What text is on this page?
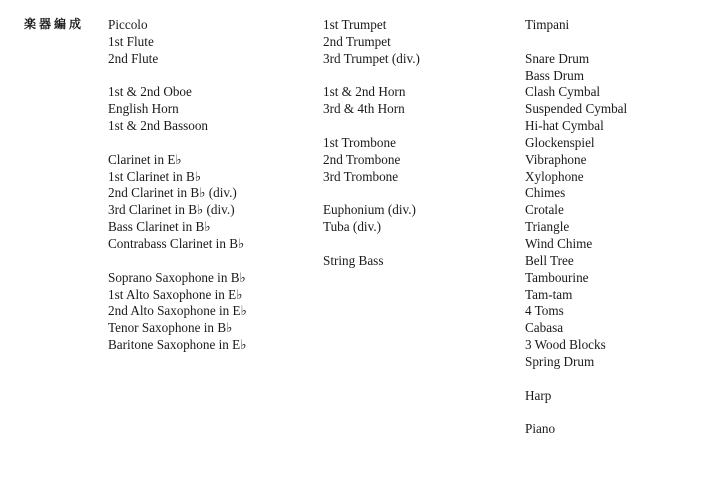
楽器編成 Piccolo
1st Flute
2nd Flute
1st & 2nd Oboe
English Horn
1st & 2nd Bassoon
Clarinet in E♭
1st Clarinet in B♭
2nd Clarinet in B♭ (div.)
3rd Clarinet in B♭ (div.)
Bass Clarinet in B♭
Contrabass Clarinet in B♭
Soprano Saxophone in B♭
1st Alto Saxophone in E♭
2nd Alto Saxophone in E♭
Tenor Saxophone in B♭
Baritone Saxophone in E♭
1st Trumpet
2nd Trumpet
3rd Trumpet (div.)
1st & 2nd Horn
3rd & 4th Horn
1st Trombone
2nd Trombone
3rd Trombone
Euphonium (div.)
Tuba (div.)
String Bass
Timpani
Snare Drum
Bass Drum
Clash Cymbal
Suspended Cymbal
Hi-hat Cymbal
Glockenspiel
Vibraphone
Xylophone
Chimes
Crotale
Triangle
Wind Chime
Bell Tree
Tambourine
Tam-tam
4 Toms
Cabasa
3 Wood Blocks
Spring Drum
Harp
Piano
